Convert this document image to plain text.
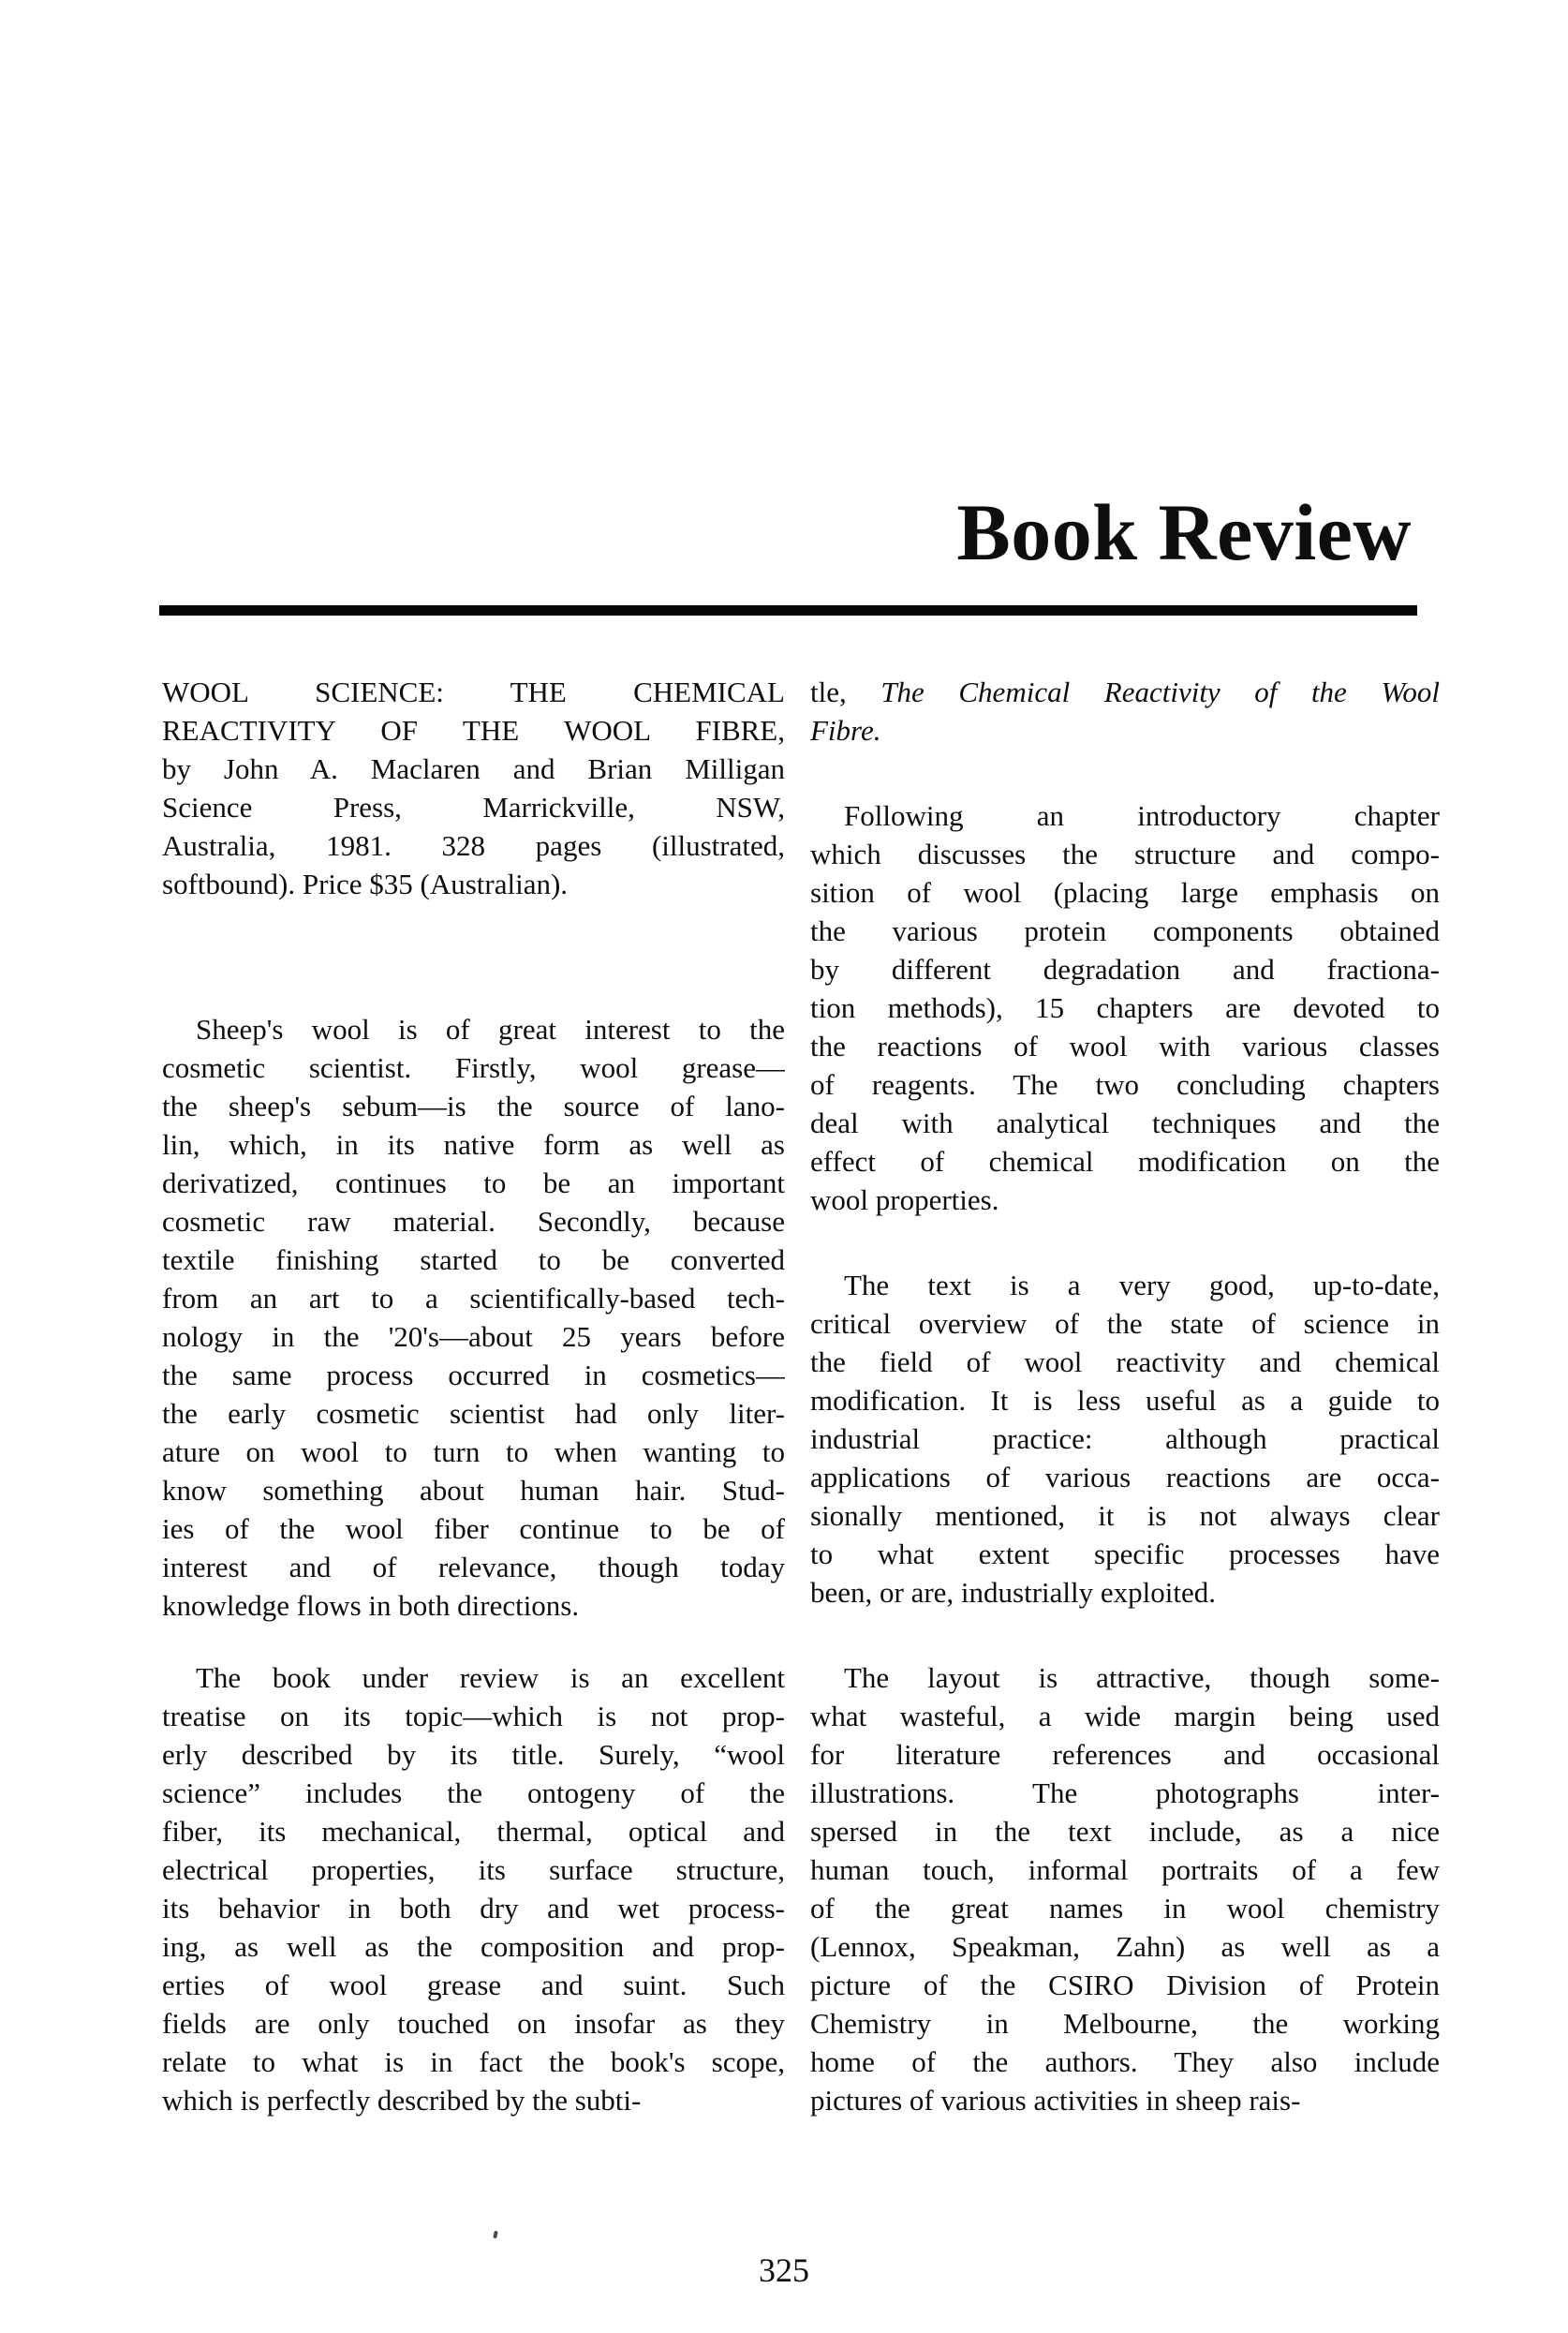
Book Review
WOOL SCIENCE: THE CHEMICAL
REACTIVITY OF THE WOOL FIBRE,
by John A. Maclaren and Brian Milligan
Science Press, Marrickville, NSW,
Australia, 1981. 328 pages (illustrated,
softbound). Price $35 (Australian).
Sheep's wool is of great interest to the
cosmetic scientist. Firstly, wool grease—
the sheep's sebum—is the source of lano-
lin, which, in its native form as well as
derivatized, continues to be an important
cosmetic raw material. Secondly, because
textile finishing started to be converted
from an art to a scientifically-based tech-
nology in the '20's—about 25 years before
the same process occurred in cosmetics—
the early cosmetic scientist had only liter-
ature on wool to turn to when wanting to
know something about human hair. Stud-
ies of the wool fiber continue to be of
interest and of relevance, though today
knowledge flows in both directions.
The book under review is an excellent
treatise on its topic—which is not prop-
erly described by its title. Surely, “wool
science” includes the ontogeny of the
fiber, its mechanical, thermal, optical and
electrical properties, its surface structure,
its behavior in both dry and wet process-
ing, as well as the composition and prop-
erties of wool grease and suint. Such
fields are only touched on insofar as they
relate to what is in fact the book's scope,
which is perfectly described by the subti-
tle, The Chemical Reactivity of the Wool
Fibre.
Following an introductory chapter
which discusses the structure and compo-
sition of wool (placing large emphasis on
the various protein components obtained
by different degradation and fractiona-
tion methods), 15 chapters are devoted to
the reactions of wool with various classes
of reagents. The two concluding chapters
deal with analytical techniques and the
effect of chemical modification on the
wool properties.
The text is a very good, up-to-date,
critical overview of the state of science in
the field of wool reactivity and chemical
modification. It is less useful as a guide to
industrial practice: although practical
applications of various reactions are occa-
sionally mentioned, it is not always clear
to what extent specific processes have
been, or are, industrially exploited.
The layout is attractive, though some-
what wasteful, a wide margin being used
for literature references and occasional
illustrations. The photographs inter-
spersed in the text include, as a nice
human touch, informal portraits of a few
of the great names in wool chemistry
(Lennox, Speakman, Zahn) as well as a
picture of the CSIRO Division of Protein
Chemistry in Melbourne, the working
home of the authors. They also include
pictures of various activities in sheep rais-
325
